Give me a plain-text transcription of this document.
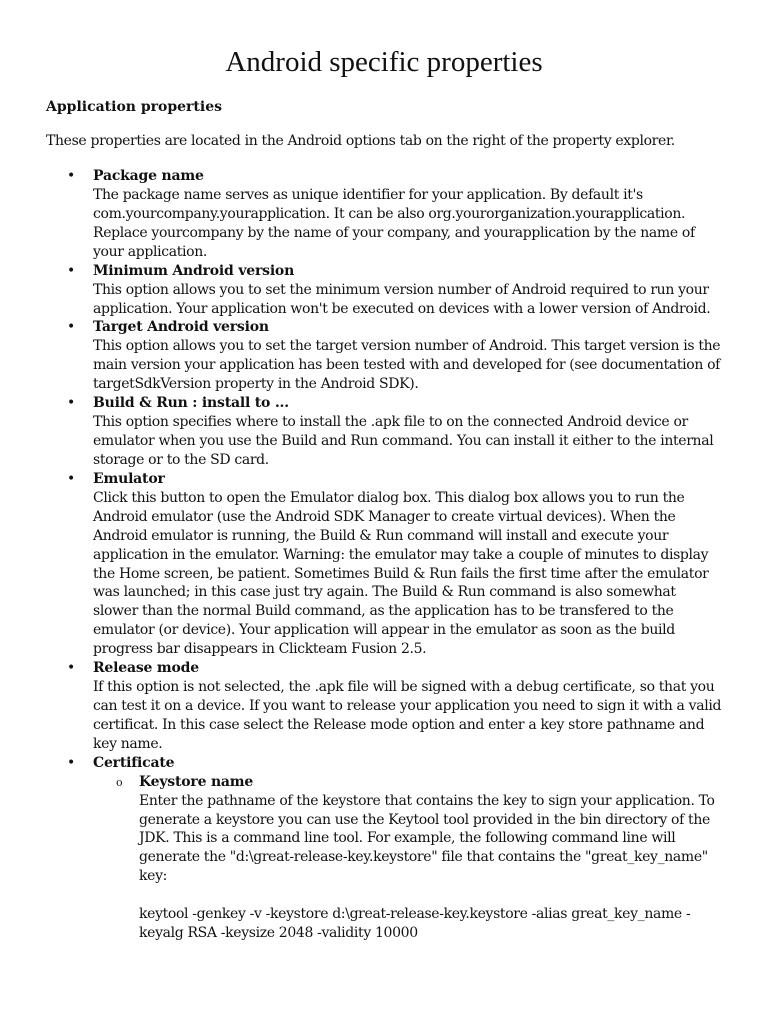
Android specific properties
Application properties

These properties are located in the Android options tab on the right of the property explorer.

• Package name
The package name serves as unique identifier for your application. By default it's com.yourcompany.yourapplication. It can be also org.yourorganization.yourapplication. Replace yourcompany by the name of your company, and yourapplication by the name of your application.
• Minimum Android version
This option allows you to set the minimum version number of Android required to run your application. Your application won't be executed on devices with a lower version of Android.
• Target Android version
This option allows you to set the target version number of Android. This target version is the main version your application has been tested with and developed for (see documentation of targetSdkVersion property in the Android SDK).
• Build & Run : install to ...
This option specifies where to install the .apk file to on the connected Android device or emulator when you use the Build and Run command. You can install it either to the internal storage or to the SD card.
• Emulator
Click this button to open the Emulator dialog box. This dialog box allows you to run the Android emulator (use the Android SDK Manager to create virtual devices). When the Android emulator is running, the Build & Run command will install and execute your application in the emulator. Warning: the emulator may take a couple of minutes to display the Home screen, be patient. Sometimes Build & Run fails the first time after the emulator was launched; in this case just try again. The Build & Run command is also somewhat slower than the normal Build command, as the application has to be transfered to the emulator (or device). Your application will appear in the emulator as soon as the build progress bar disappears in Clickteam Fusion 2.5.
• Release mode
If this option is not selected, the .apk file will be signed with a debug certificate, so that you can test it on a device. If you want to release your application you need to sign it with a valid certificat. In this case select the Release mode option and enter a key store pathname and key name.
• Certificate
o Keystore name
Enter the pathname of the keystore that contains the key to sign your application. To generate a keystore you can use the Keytool tool provided in the bin directory of the JDK. This is a command line tool. For example, the following command line will generate the "d:\great-release-key.keystore" file that contains the "great_key_name" key:
keytool -genkey -v -keystore d:\great-release-key.keystore -alias great_key_name -keyalg RSA -keysize 2048 -validity 10000
